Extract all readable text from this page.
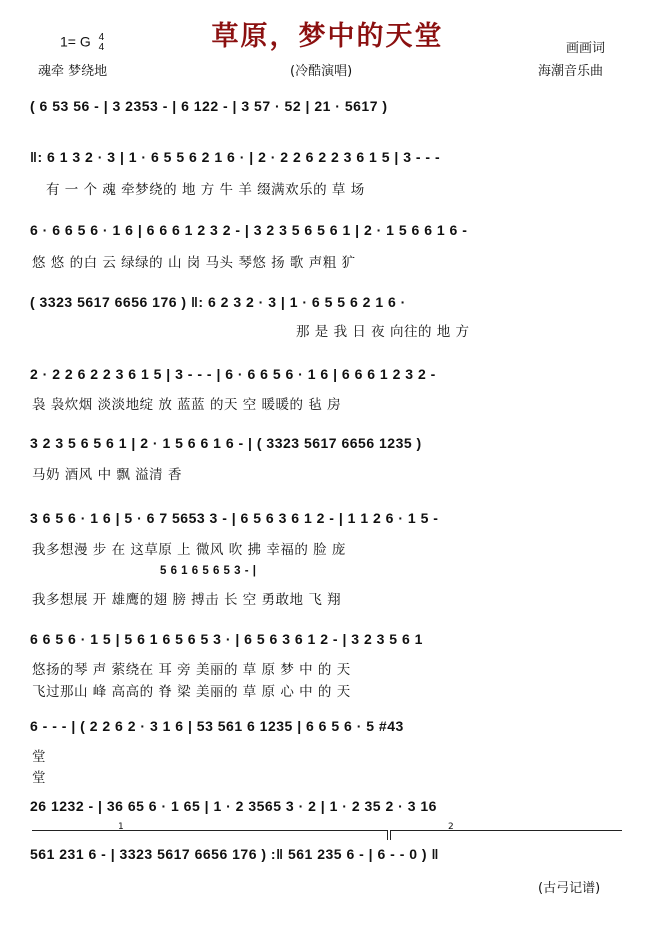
草原，梦中的天堂
1= G 4
4	画画词
魂牵 梦绕地	(冷酷演唱)	海潮音乐曲
( 6 53 56 - | 3 2353 - | 6 122 - | 3 57 · 52 | 21 · 5617 )
‖: 6 1 3 2 · 3 | 1 · 6 5 5 6 2 1 6 · | 2 · 2 2 6 2 2 3 6 1 5 | 3 - - -
有 一 个 魂 牵梦绕的 地 方 牛 羊 缀满欢乐的 草 场
6 · 6 6 5 6 · 1 6 | 6 6 6 1 2 3 2 - | 3 2 3 5 6 5 6 1 | 2 · 1 5 6 6 1 6 -
悠 悠 的白 云 绿绿的 山 岗 马头 琴悠 扬 歌 声粗 犷
( 3323 5617 6656 176 ) ‖: 6 2 3 2 · 3 | 1 · 6 5 5 6 2 1 6 ·
那 是 我 日 夜 向往的 地 方
2 · 2 2 6 2 2 3 6 1 5 | 3 - - - | 6 · 6 6 5 6 · 1 6 | 6 6 6 1 2 3 2 -
袅 袅炊烟 淡淡地绽 放 蓝蓝 的天 空 暖暖的 毡 房
3 2 3 5 6 5 6 1 | 2 · 1 5 6 6 1 6 - | ( 3323 5617 6656 1235 )
马奶 酒风 中 飘 溢清 香
3 6 5 6 · 1 6 | 5 · 6 7 5653 3 - | 6 5 6 3 6 1 2 - | 1 1 2 6 · 1 5 -
我多想漫 步 在 这草原 上 微风 吹 拂 幸福的 脸 庞
5 6 1 6 5 6 5 3 - |
我多想展 开 雄鹰的翅 膀 搏击 长 空 勇敢地 飞 翔
6 6 5 6 · 1 5 | 5 6 1 6 5 6 5 3 · | 6 5 6 3 6 1 2 - | 3 2 3 5 6 1
悠扬的琴 声 萦绕在 耳 旁 美丽的 草 原 梦 中 的 天
飞过那山 峰 高高的 脊 梁 美丽的 草 原 心 中 的 天
6 - - - | ( 2 2 6 2 · 3 1 6 | 53 561 6 1235 | 6 6 5 6 · 5 #43
堂
堂
26 1232 - | 36 65 6 · 1 65 | 1 · 2 3565 3 · 2 | 1 · 2 35 2 · 3 16
1	2
561 231 6 - | 3323 5617 6656 176 ) :‖ 561 235 6 - | 6 - - 0 ) ‖
(古弓记谱)
